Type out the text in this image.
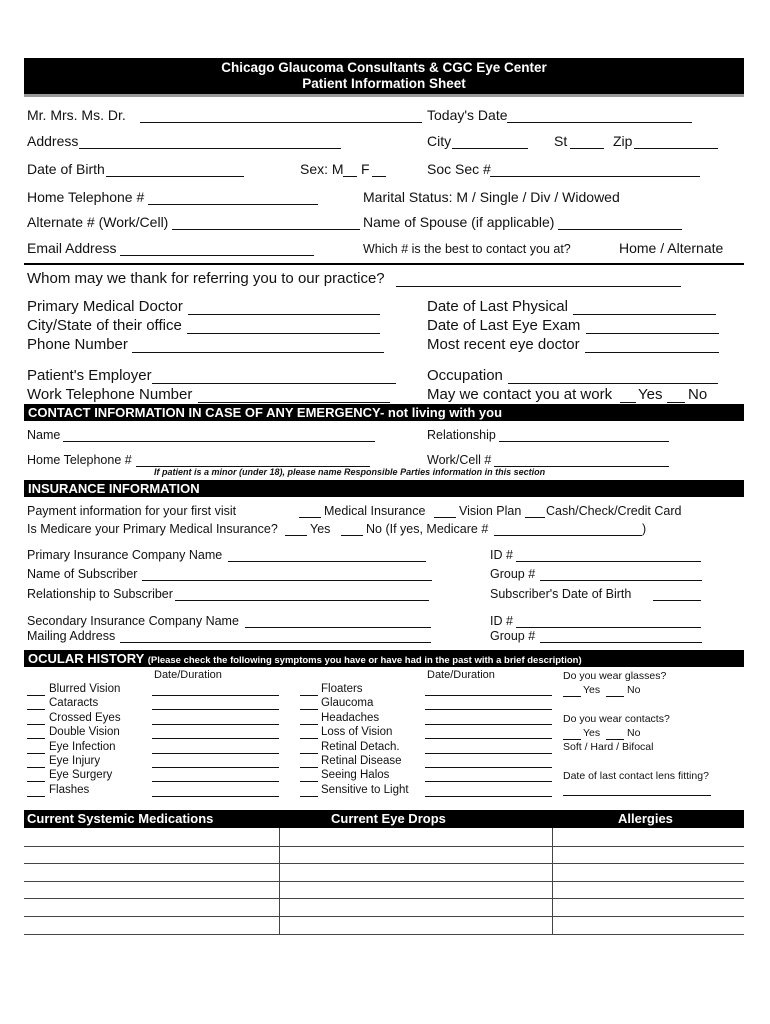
Chicago Glaucoma Consultants & CGC Eye Center
Patient Information Sheet
Mr. Mrs. Ms. Dr.	Today's Date
Address	City	St	Zip
Date of Birth	Sex: M F	Soc Sec #
Home Telephone #	Marital Status: M / Single / Div / Widowed
Alternate # (Work/Cell)	Name of Spouse (if applicable)
Email Address	Which # is the best to contact you at?	Home / Alternate
Whom may we thank for referring you to our practice?
Primary Medical Doctor	Date of Last Physical
City/State of their office	Date of Last Eye Exam
Phone Number	Most recent eye doctor
Patient's Employer	Occupation
Work Telephone Number	May we contact you at work Yes No
CONTACT INFORMATION IN CASE OF ANY EMERGENCY- not living with you
Name	Relationship
Home Telephone #	Work/Cell #
If patient is a minor (under 18), please name Responsible Parties information in this section
INSURANCE INFORMATION
Payment information for your first visit	Medical Insurance	Vision Plan Cash/Check/Credit Card
Is Medicare your Primary Medical Insurance?	Yes	No (If yes, Medicare #	)
Primary Insurance Company Name	ID #
Name of Subscriber	Group #
Relationship to Subscriber	Subscriber's Date of Birth
Secondary Insurance Company Name	ID #
Mailing Address	Group #
OCULAR HISTORY (Please check the following symptoms you have or have had in the past with a brief description)
Date/Duration	Date/Duration
Blurred Vision
Cataracts
Crossed Eyes
Double Vision
Eye Infection
Eye Injury
Eye Surgery
Flashes
Floaters
Glaucoma
Headaches
Loss of Vision
Retinal Detach.
Retinal Disease
Seeing Halos
Sensitive to Light
Do you wear glasses?
Yes	No
Do you wear contacts?
Yes	No
Soft / Hard / Bifocal
Date of last contact lens fitting?
Current Systemic Medications	Current Eye Drops	Allergies
